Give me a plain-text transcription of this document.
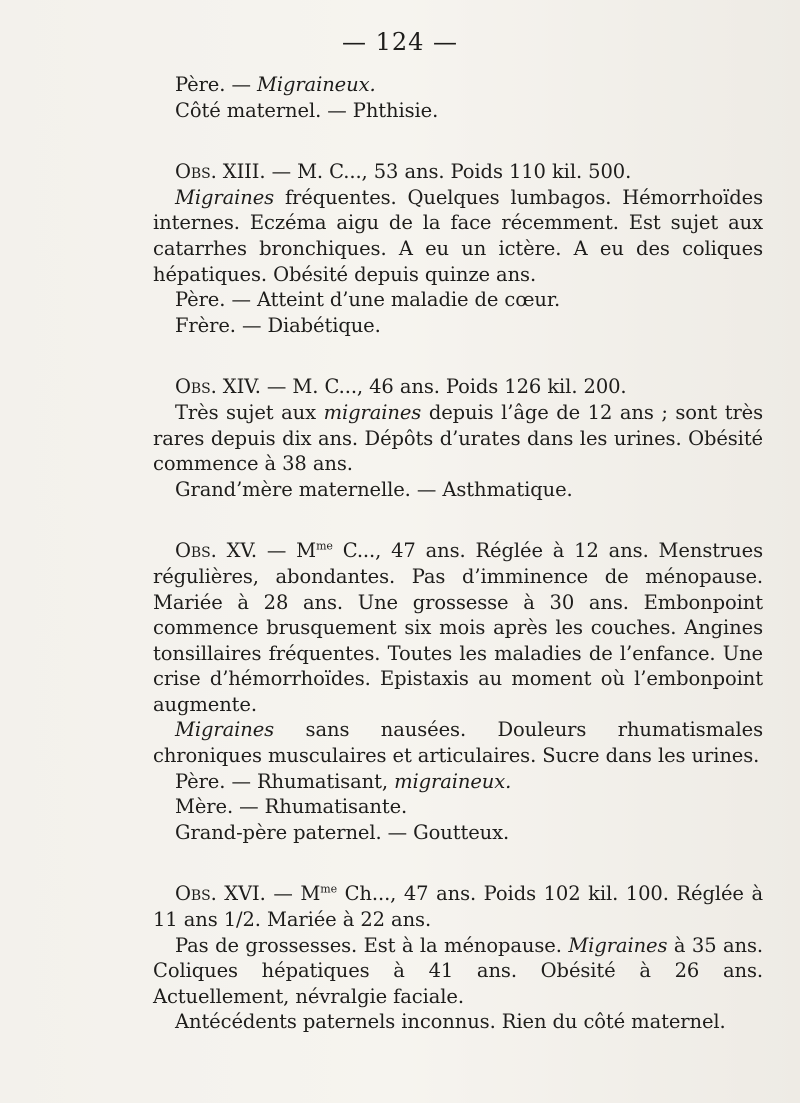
— 124 —

Père. — Migraineux.

Côté maternel. — Phthisie.

Obs. XIII. — M. C..., 53 ans. Poids 110 kil. 500.

Migraines fréquentes. Quelques lumbagos. Hémorrhoïdes internes. Eczéma aigu de la face récemment. Est sujet aux catarrhes bronchiques. A eu un ictère. A eu des coliques hépatiques. Obésité depuis quinze ans.

Père. — Atteint d’une maladie de cœur.

Frère. — Diabétique.

Obs. XIV. — M. C..., 46 ans. Poids 126 kil. 200.

Très sujet aux migraines depuis l’âge de 12 ans ; sont très rares depuis dix ans. Dépôts d’urates dans les urines. Obésité commence à 38 ans.

Grand’mère maternelle. — Asthmatique.

Obs. XV. — $M^{me}$ C..., 47 ans. Réglée à 12 ans. Menstrues régulières, abondantes. Pas d’imminence de ménopause. Mariée à 28 ans. Une grossesse à 30 ans. Embonpoint commence brusquement six mois après les couches. Angines tonsillaires fréquentes. Toutes les maladies de l’enfance. Une crise d’hémorrhoïdes. Epistaxis au moment où l’embonpoint augmente.

Migraines sans nausées. Douleurs rhumatismales chroniques musculaires et articulaires. Sucre dans les urines.

Père. — Rhumatisant, migraineux.

Mère. — Rhumatisante.

Grand-père paternel. — Goutteux.

Obs. XVI. — $M^{me}$ Ch..., 47 ans. Poids 102 kil. 100. Réglée à 11 ans 1/2. Mariée à 22 ans.

Pas de grossesses. Est à la ménopause. Migraines à 35 ans. Coliques hépatiques à 41 ans. Obésité à 26 ans. Actuellement, névralgie faciale.

Antécédents paternels inconnus. Rien du côté maternel.
